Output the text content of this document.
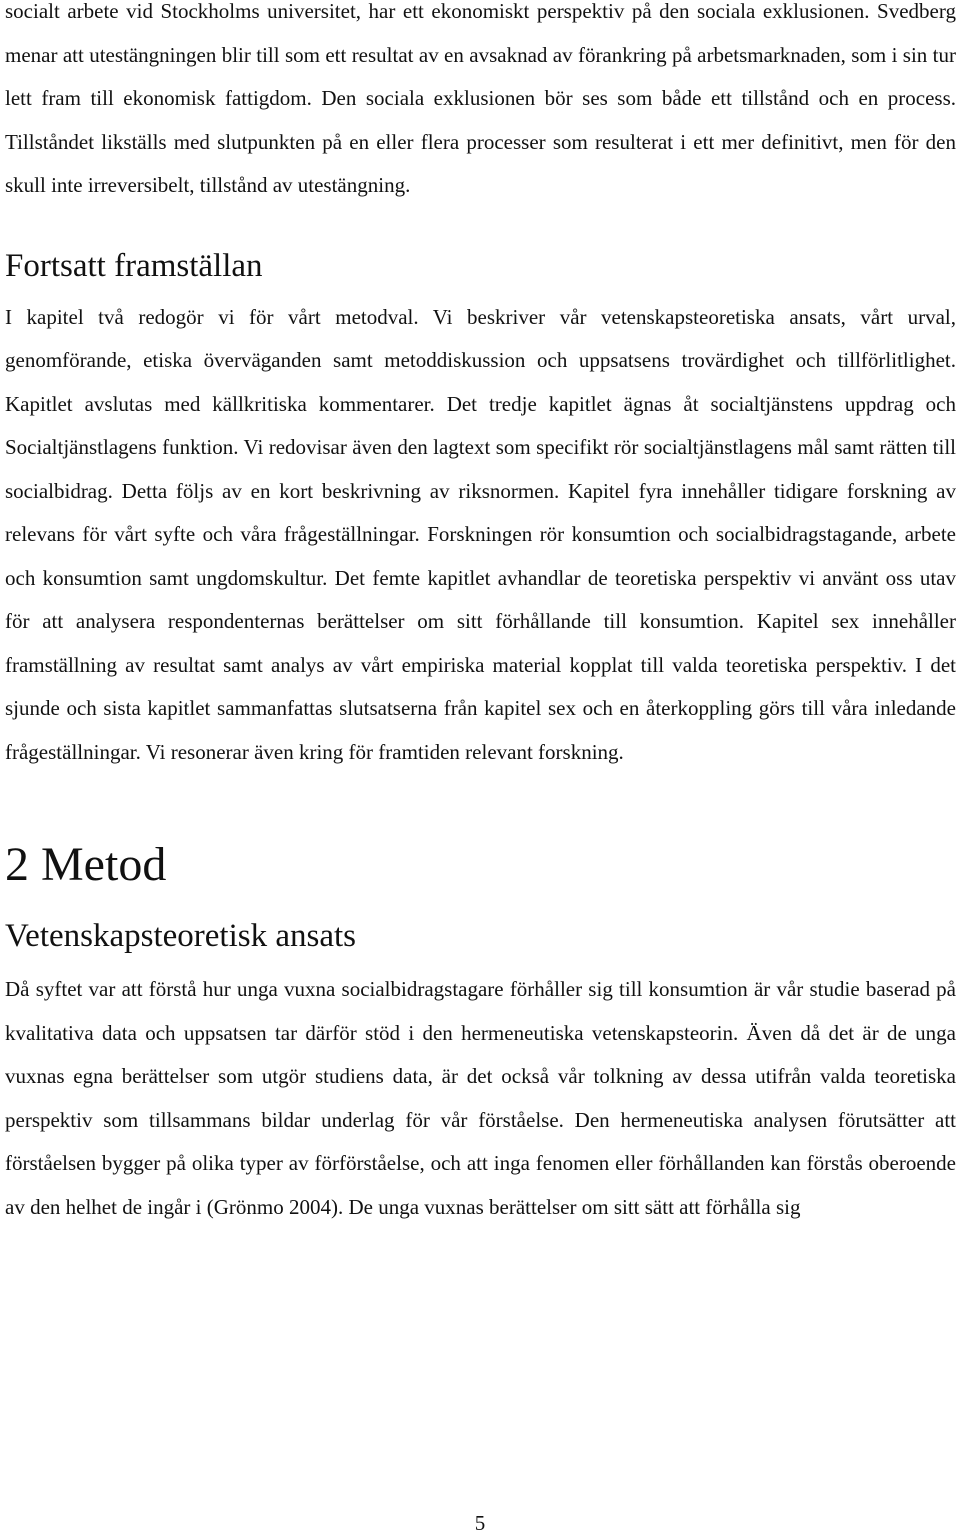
socialt arbete vid Stockholms universitet, har ett ekonomiskt perspektiv på den sociala exklusionen. Svedberg menar att utestängningen blir till som ett resultat av en avsaknad av förankring på arbetsmarknaden, som i sin tur lett fram till ekonomisk fattigdom. Den sociala exklusionen bör ses som både ett tillstånd och en process. Tillståndet likställs med slutpunkten på en eller flera processer som resulterat i ett mer definitivt, men för den skull inte irreversibelt, tillstånd av utestängning.

Fortsatt framställan

I kapitel två redogör vi för vårt metodval. Vi beskriver vår vetenskapsteoretiska ansats, vårt urval, genomförande, etiska överväganden samt metoddiskussion och uppsatsens trovärdighet och tillförlitlighet. Kapitlet avslutas med källkritiska kommentarer. Det tredje kapitlet ägnas åt socialtjänstens uppdrag och Socialtjänstlagens funktion. Vi redovisar även den lagtext som specifikt rör socialtjänstlagens mål samt rätten till socialbidrag. Detta följs av en kort beskrivning av riksnormen. Kapitel fyra innehåller tidigare forskning av relevans för vårt syfte och våra frågeställningar. Forskningen rör konsumtion och socialbidragstagande, arbete och konsumtion samt ungdomskultur. Det femte kapitlet avhandlar de teoretiska perspektiv vi använt oss utav för att analysera respondenternas berättelser om sitt förhållande till konsumtion. Kapitel sex innehåller framställning av resultat samt analys av vårt empiriska material kopplat till valda teoretiska perspektiv. I det sjunde och sista kapitlet sammanfattas slutsatserna från kapitel sex och en återkoppling görs till våra inledande frågeställningar. Vi resonerar även kring för framtiden relevant forskning.

2 Metod
Vetenskapsteoretisk ansats

Då syftet var att förstå hur unga vuxna socialbidragstagare förhåller sig till konsumtion är vår studie baserad på kvalitativa data och uppsatsen tar därför stöd i den hermeneutiska vetenskapsteorin. Även då det är de unga vuxnas egna berättelser som utgör studiens data, är det också vår tolkning av dessa utifrån valda teoretiska perspektiv som tillsammans bildar underlag för vår förståelse. Den hermeneutiska analysen förutsätter att förståelsen bygger på olika typer av förförståelse, och att inga fenomen eller förhållanden kan förstås oberoende av den helhet de ingår i (Grönmo 2004). De unga vuxnas berättelser om sitt sätt att förhålla sig

5
